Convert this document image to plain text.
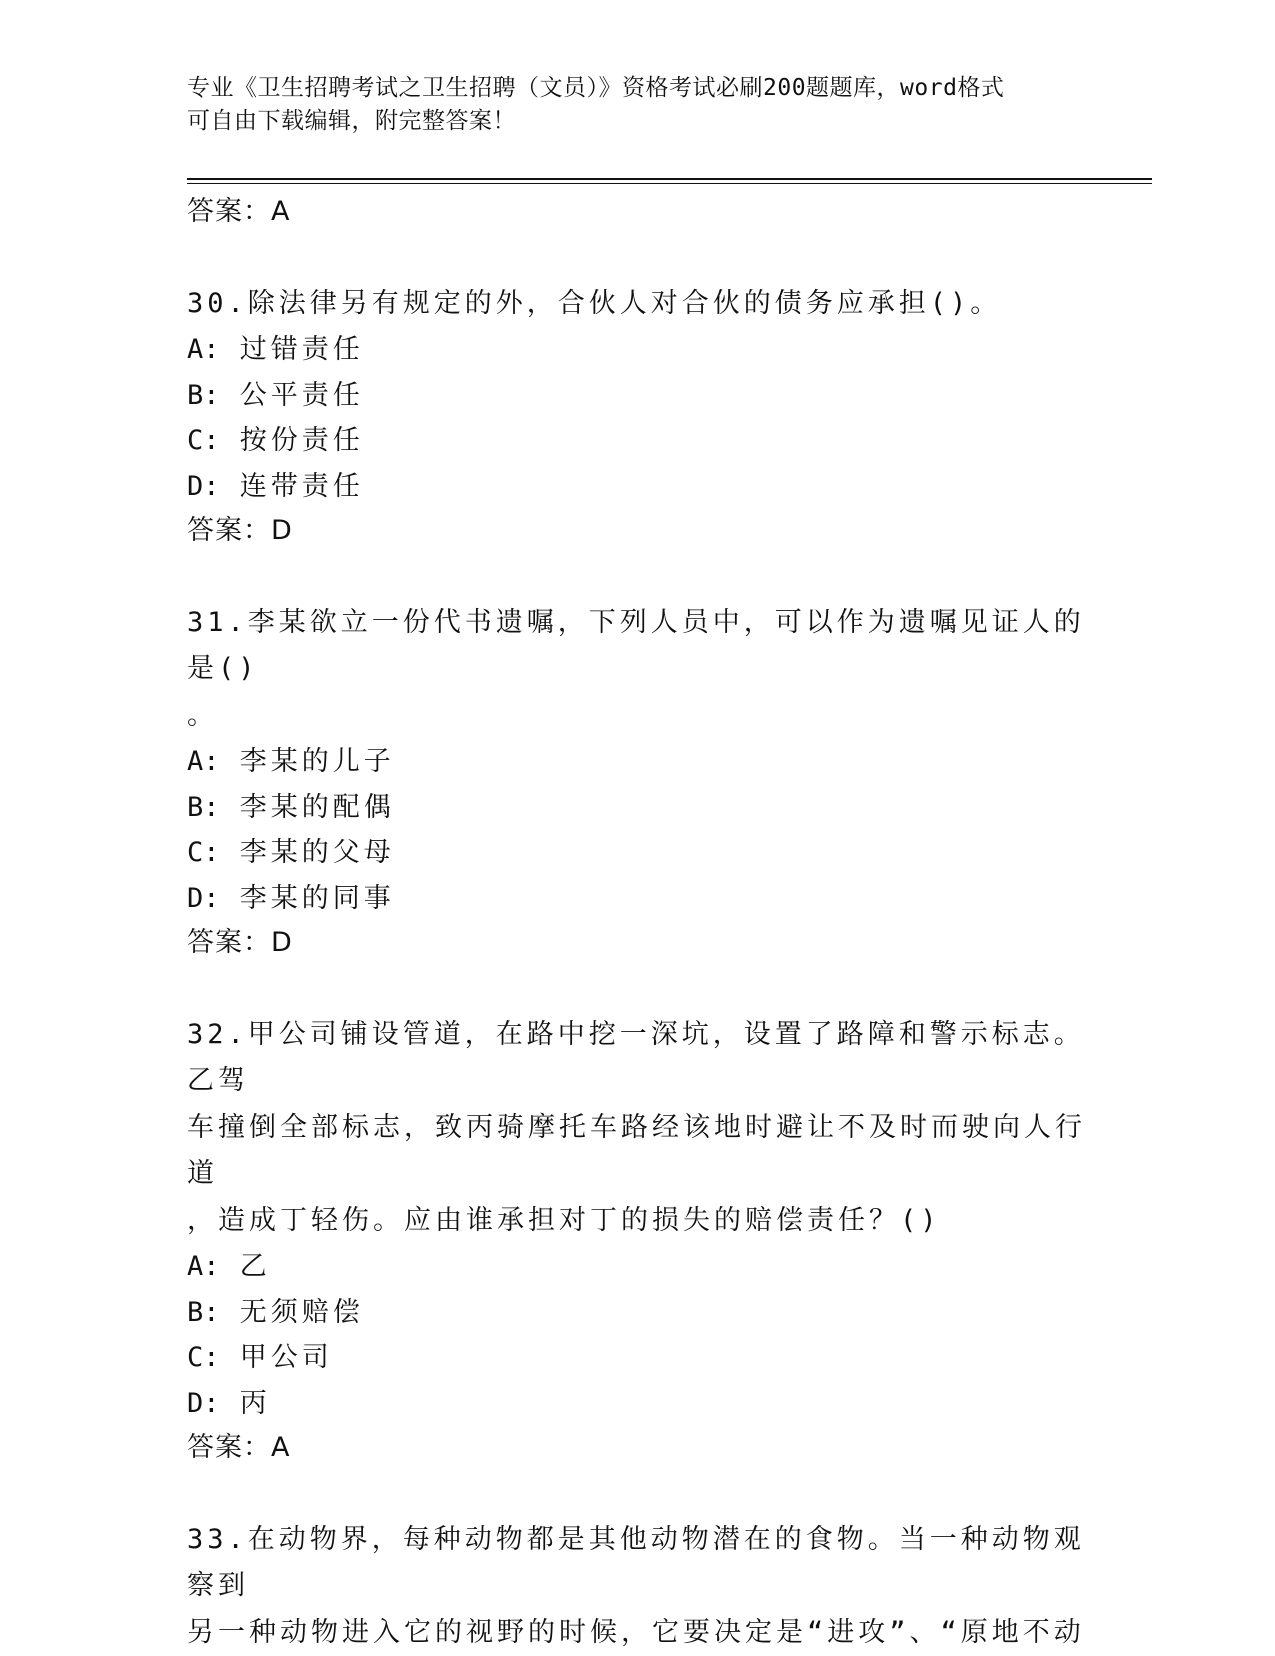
专业《卫生招聘考试之卫生招聘（文员）》资格考试必刷200题题库，word格式
可自由下载编辑，附完整答案！
答案：A
30.除法律另有规定的外，合伙人对合伙的债务应承担()。
A: 过错责任
B: 公平责任
C: 按份责任
D: 连带责任
答案：D
31.李某欲立一份代书遗嘱，下列人员中，可以作为遗嘱见证人的是()
。
A: 李某的儿子
B: 李某的配偶
C: 李某的父母
D: 李某的同事
答案：D
32.甲公司铺设管道，在路中挖一深坑，设置了路障和警示标志。乙驾
车撞倒全部标志，致丙骑摩托车路经该地时避让不及时而驶向人行道
，造成丁轻伤。应由谁承担对丁的损失的赔偿责任？()
A: 乙
B: 无须赔偿
C: 甲公司
D: 丙
答案：A
33.在动物界，每种动物都是其他动物潜在的食物。当一种动物观察到
另一种动物进入它的视野的时候，它要决定是“进攻”、“原地不动
